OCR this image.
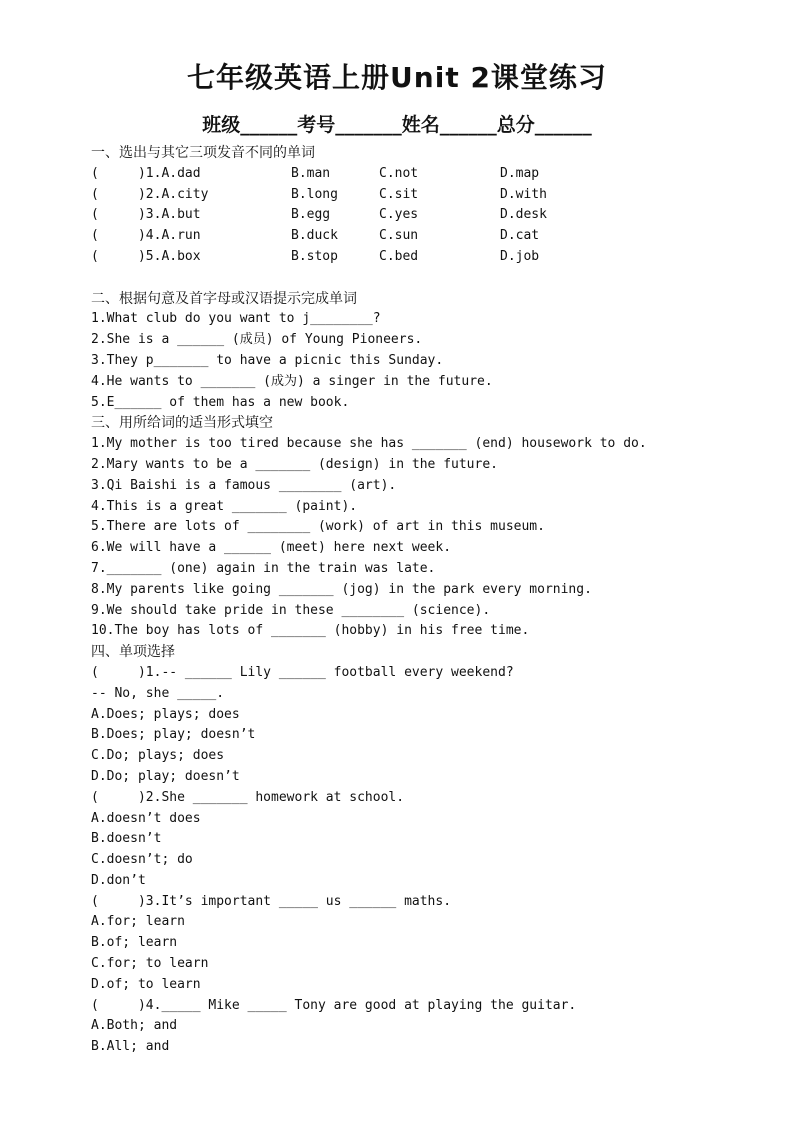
七年级英语上册Unit 2课堂练习
班级______考号_______姓名______总分______
一、选出与其它三项发音不同的单词

(     )1.A.dad

	B.man

	C.not

	D.map

(     )2.A.city

	B.long

	C.sit

	D.with

(     )3.A.but

	B.egg

	C.yes

	D.desk

(     )4.A.run

	B.duck

	C.sun

	D.cat

(     )5.A.box

	B.stop

	C.bed

	D.job

二、根据句意及首字母或汉语提示完成单词
1.What club do you want to j________?
2.She is a ______ (成员) of Young Pioneers.
3.They p_______ to have a picnic this Sunday.
4.He wants to _______ (成为) a singer in the future.
5.E______ of them has a new book.
三、用所给词的适当形式填空
1.My mother is too tired because she has _______ (end) housework to do.
2.Mary wants to be a _______ (design) in the future.
3.Qi Baishi is a famous ________ (art).
4.This is a great _______ (paint).
5.There are lots of ________ (work) of art in this museum.
6.We will have a ______ (meet) here next week.
7._______ (one) again in the train was late.
8.My parents like going _______ (jog) in the park every morning.
9.We should take pride in these ________ (science).
10.The boy has lots of _______ (hobby) in his free time.
四、单项选择
(     )1.-- ______ Lily ______ football every weekend?
-- No, she _____.
A.Does; plays; does
B.Does; play; doesn’t
C.Do; plays; does
D.Do; play; doesn’t
(     )2.She _______ homework at school.
A.doesn’t does
B.doesn’t
C.doesn’t; do
D.don’t
(     )3.It’s important _____ us ______ maths.
A.for; learn
B.of; learn
C.for; to learn
D.of; to learn
(     )4._____ Mike _____ Tony are good at playing the guitar.
A.Both; and
B.All; and
